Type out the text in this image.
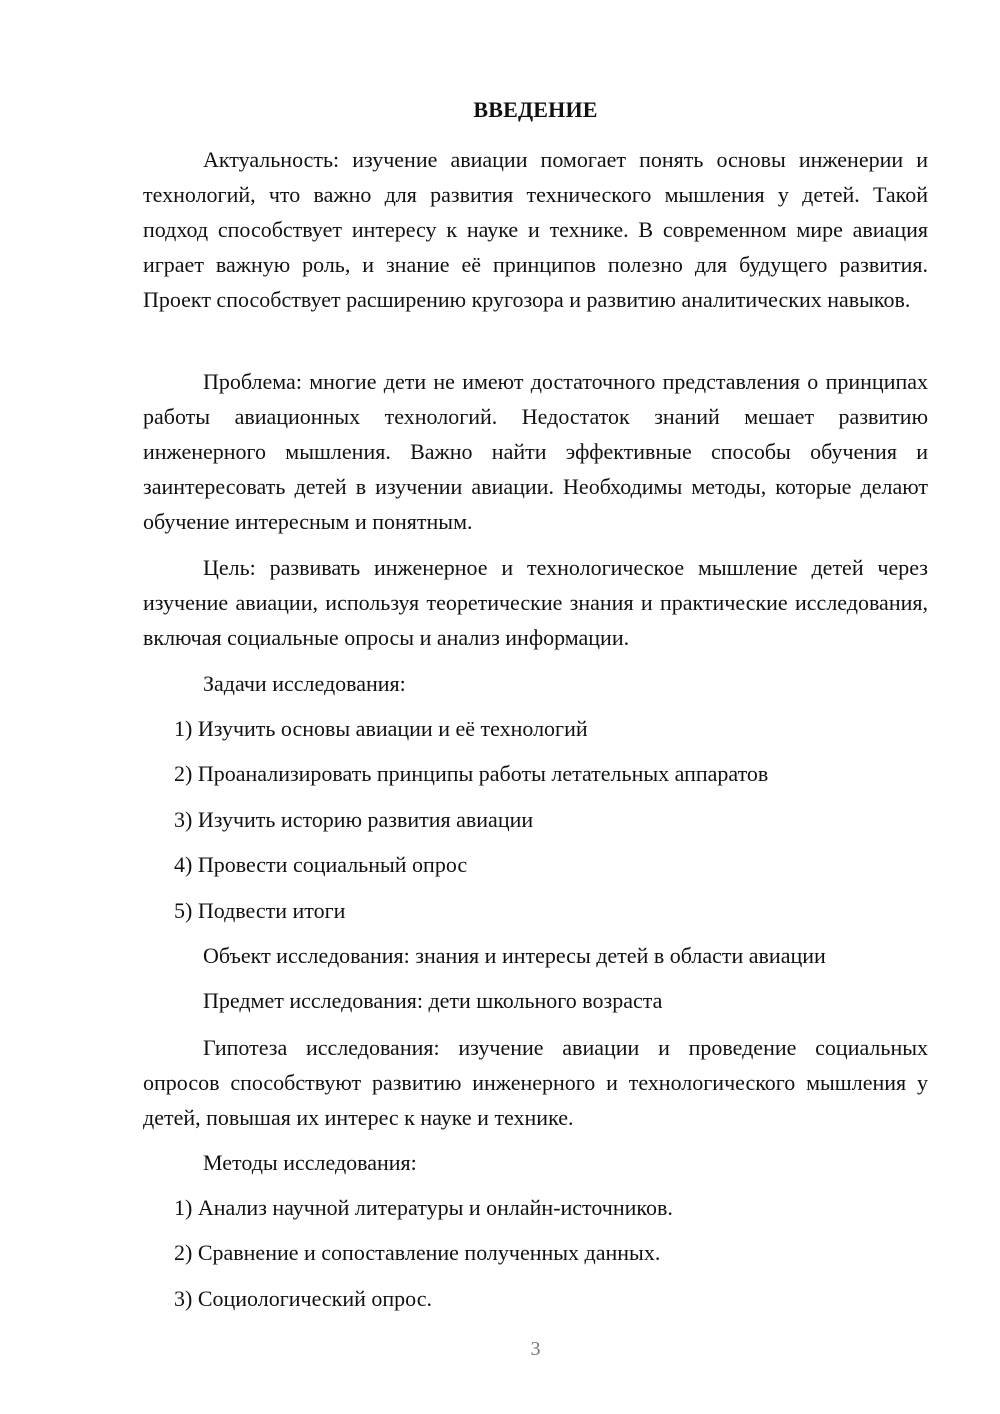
ВВЕДЕНИЕ

Актуальность: изучение авиации помогает понять основы инженерии и технологий, что важно для развития технического мышления у детей. Такой подход способствует интересу к науке и технике. В современном мире авиация играет важную роль, и знание её принципов полезно для будущего развития. Проект способствует расширению кругозора и развитию аналитических навыков.

Проблема: многие дети не имеют достаточного представления о принципах работы авиационных технологий. Недостаток знаний мешает развитию инженерного мышления. Важно найти эффективные способы обучения и заинтересовать детей в изучении авиации. Необходимы методы, которые делают обучение интересным и понятным.

Цель: развивать инженерное и технологическое мышление детей через изучение авиации, используя теоретические знания и практические исследования, включая социальные опросы и анализ информации.

Задачи исследования:
1) Изучить основы авиации и её технологий
2) Проанализировать принципы работы летательных аппаратов
3) Изучить историю развития авиации
4) Провести социальный опрос
5) Подвести итоги
Объект исследования: знания и интересы детей в области авиации
Предмет исследования: дети школьного возраста

Гипотеза исследования: изучение авиации и проведение социальных опросов способствуют развитию инженерного и технологического мышления у детей, повышая их интерес к науке и технике.

Методы исследования:
1) Анализ научной литературы и онлайн-источников.
2) Сравнение и сопоставление полученных данных.
3) Социологический опрос.
3
